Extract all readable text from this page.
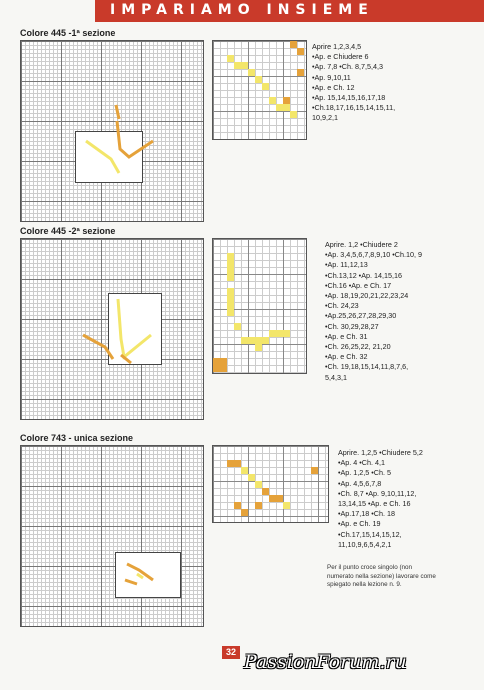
IMPARIAMO INSIEME
Colore 445 -1ª sezione
Aprire 1,2,3,4,5
•Ap. e Chiudere 6
•Ap. 7,8 •Ch. 8,7,5,4,3
•Ap. 9,10,11
•Ap. e Ch. 12
•Ap. 15,14,15,16,17,18
•Ch.18,17,16,15,14,15,11,
10,9,2,1
Colore 445 -2ª sezione
Aprire. 1,2 •Chiudere 2
•Ap. 3,4,5,6,7,8,9,10 •Ch.10, 9
•Ap. 11,12,13
•Ch.13,12 •Ap. 14,15,16
•Ch.16 •Ap. e Ch. 17
•Ap. 18,19,20,21,22,23,24
•Ch. 24,23
•Ap.25,26,27,28,29,30
•Ch. 30,29,28,27
•Ap. e Ch. 31
•Ch. 26,25,22, 21,20
•Ap. e Ch. 32
•Ch. 19,18,15,14,11,8,7,6,
5,4,3,1
Colore 743 - unica sezione
Aprire. 1,2,5 •Chiudere 5,2
•Ap. 4 •Ch. 4,1
•Ap. 1,2,5 •Ch. 5
•Ap. 4,5,6,7,8
•Ch. 8,7 •Ap. 9,10,11,12,
13,14,15 •Ap. e Ch. 16
•Ap.17,18 •Ch. 18
•Ap. e Ch. 19
•Ch.17,15,14,15,12,
11,10,9,6,5,4,2,1
Per il punto croce singolo (non numerato nella sezione) lavorare come spiegato nella lezione n. 9.
32 PassionForum.ru
